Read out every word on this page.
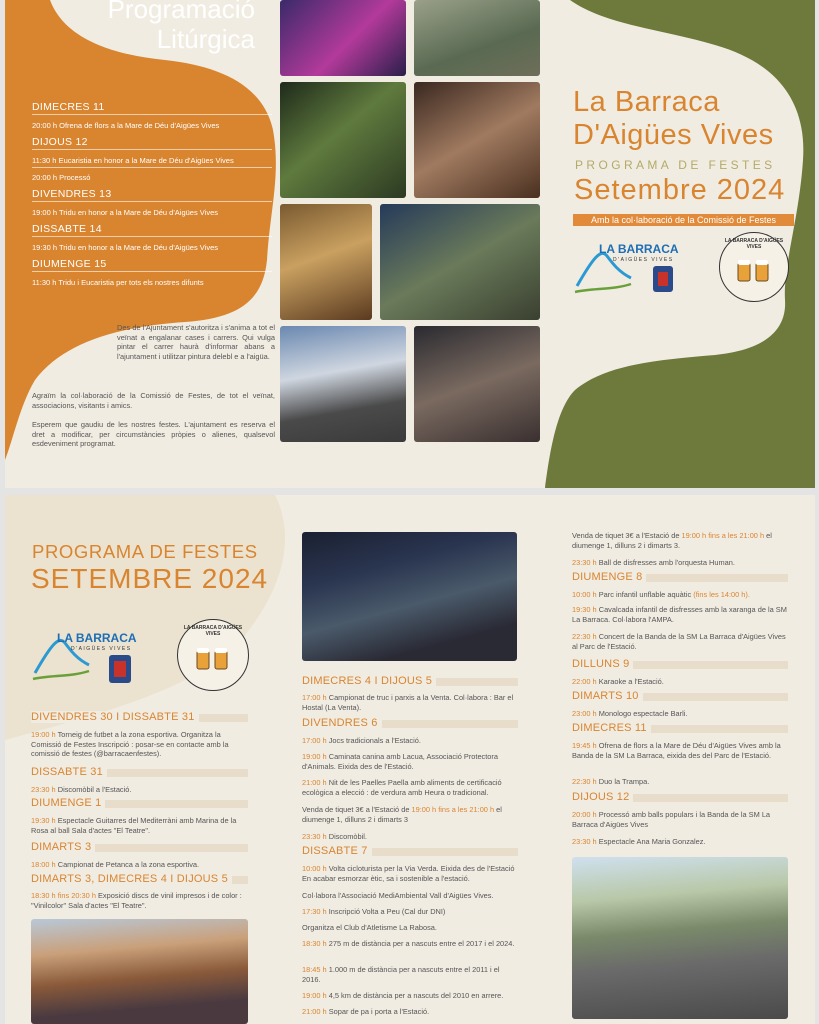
Programació
Litúrgica
DIMECRES 11
20:00 h Ofrena de flors a la Mare de Déu d'Aigües Vives
DIJOUS 12
11:30 h Eucaristia en honor a la Mare de Déu d'Aigües Vives
20:00 h Processó
DIVENDRES 13
19:00 h Tridu en honor a la Mare de Déu d'Aigües Vives
DISSABTE 14
19:30 h Tridu en honor a la Mare de Déu d'Aigües Vives
DIUMENGE 15
11:30 h Tridu i Eucaristia per tots els nostres difunts
Des de l'Ajuntament s'autoritza i s'anima a tot el veïnat a engalanar cases i carrers. Qui vulga pintar el carrer haurà d'informar abans a l'ajuntament i utilitzar pintura delebl e a l'aigüa.
Agraïm la col·laboració de la Comissió de Festes, de tot el veïnat, associacions, visitants i amics.
Esperem que gaudiu de les nostres festes. L'ajuntament es reserva el dret a modificar, per circumstàncies pròpies o alienes, qualsevol esdeveniment programat.
La Barraca
D'Aigües Vives
PROGRAMA DE FESTES
Setembre 2024
Amb la col·laboració de la Comissió de Festes
LA BARRACA
D'AIGÜES VIVES
LA BARRACA D'AIGÜES VIVES
PROGRAMA DE FESTES
SETEMBRE 2024
LA BARRACA
D'AIGÜES VIVES
LA BARRACA D'AIGÜES VIVES
DIVENDRES 30 I DISSABTE 31
19:00 h Torneig de futbet a la zona esportiva. Organitza la Comissió de Festes Inscripció : posar-se en contacte amb la comissió de festes (@barracaenfestes).
DISSABTE 31
23:30 h Discomòbil a l'Estació.
DIUMENGE 1
19:30 h Espectacle Guitarres del Mediterràni amb Marina de la Rosa al ball Sala d'actes "El Teatre".
DIMARTS 3
18:00 h Campionat de Petanca a la zona esportiva.
DIMARTS 3, DIMECRES 4 I DIJOUS 5
18:30 h fins 20:30 h Exposició discs de vinil impresos i de color : "Vinilcolor" Sala d'actes "El Teatre".
DIMECRES 4 I DIJOUS 5
17:00 h Campionat de truc i parxis a la Venta. Col·labora : Bar el Hostal (La Venta).
DIVENDRES 6
17:00 h Jocs tradicionals a l'Estació.
19:00 h Caminata canina amb Lacua, Associació Protectora d'Animals. Eixida des de l'Estació.
21:00 h Nit de les Paelles Paella amb aliments de certificació ecològica a elecció : de verdura amb Heura o tradicional.
Venda de tiquet 3€ a l'Estació de 19:00 h fins a les 21:00 h el diumenge 1, dilluns 2 i dimarts 3
23:30 h Discomòbil.
DISSABTE 7
10:00 h Volta cicloturista per la Via Verda. Eixida des de l'Estació En acabar esmorzar ètic, sa i sostenible a l'estació.
Col·labora l'Associació MediAmbiental Vall d'Aigües Vives.
17:30 h Inscripció Volta a Peu (Cal dur DNI)
Organitza el Club d'Atletisme La Rabosa.
18:30 h 275 m de distància per a nascuts entre el 2017 i el 2024.
18:45 h 1.000 m de distància per a nascuts entre el 2011 i el 2016.
19:00 h 4,5 km de distància per a nascuts del 2010 en arrere.
21:00 h Sopar de pa i porta a l'Estació.
Venda de tiquet 3€ a l'Estació de 19:00 h fins a les 21:00 h el diumenge 1, dilluns 2 i dimarts 3.
23:30 h Ball de disfresses amb l'orquesta Human.
DIUMENGE 8
10:00 h Parc infantil unflable aquàtic (fins les 14:00 h).
19:30 h Cavalcada infantil de disfresses amb la xaranga de la SM La Barraca. Col·labora l'AMPA.
22:30 h Concert de la Banda de la SM La Barraca d'Aigües Vives al Parc de l'Estació.
DILLUNS 9
22:00 h Karaoke a l'Estació.
DIMARTS 10
23:00 h Monologo espectacle Barli.
DIMECRES 11
19:45 h Ofrena de flors a la Mare de Déu d'Aigües Vives amb la Banda de la SM La Barraca, eixida des del Parc de l'Estació.
22:30 h Duo la Trampa.
DIJOUS 12
20:00 h Processó amb balls populars i la Banda de la SM La Barraca d'Aigües Vives
23:30 h Espectacle Ana Maria Gonzalez.
